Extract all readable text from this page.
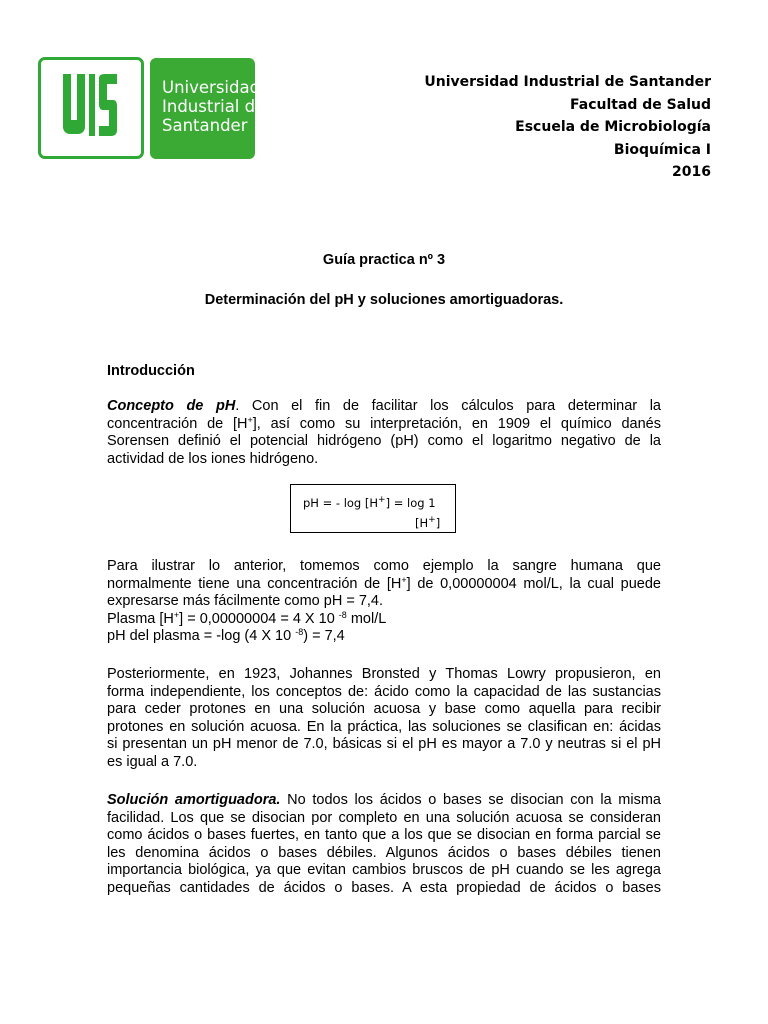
Universidad
Industrial de
Santander
Universidad Industrial de Santander
Facultad de Salud
Escuela de Microbiología
Bioquímica I
2016
Guía practica nº 3
Determinación del pH y soluciones amortiguadoras.
Introducción
Concepto de pH. Con el fin de facilitar los cálculos para determinar la
concentración de [H+], así como su interpretación, en 1909 el químico danés
Sorensen definió el potencial hidrógeno (pH) como el logaritmo negativo de la
actividad de los iones hidrógeno.
pH = - log [H+] = log 1
[H+]
Para ilustrar lo anterior, tomemos como ejemplo la sangre humana que
normalmente tiene una concentración de [H+] de 0,00000004 mol/L, la cual puede
expresarse más fácilmente como pH = 7,4.
Plasma [H+] = 0,00000004 = 4 X 10 $^{-8}$ mol/L
pH del plasma = -log (4 X 10 $^{-8}$) = 7,4
Posteriormente, en 1923, Johannes Bronsted y Thomas Lowry propusieron, en
forma independiente, los conceptos de: ácido como la capacidad de las sustancias
para ceder protones en una solución acuosa y base como aquella para recibir
protones en solución acuosa. En la práctica, las soluciones se clasifican en: ácidas
si presentan un pH menor de 7.0, básicas si el pH es mayor a 7.0 y neutras si el pH
es igual a 7.0.
Solución amortiguadora. No todos los ácidos o bases se disocian con la misma
facilidad. Los que se disocian por completo en una solución acuosa se consideran
como ácidos o bases fuertes, en tanto que a los que se disocian en forma parcial se
les denomina ácidos o bases débiles. Algunos ácidos o bases débiles tienen
importancia biológica, ya que evitan cambios bruscos de pH cuando se les agrega
pequeñas cantidades de ácidos o bases. A esta propiedad de ácidos o bases
